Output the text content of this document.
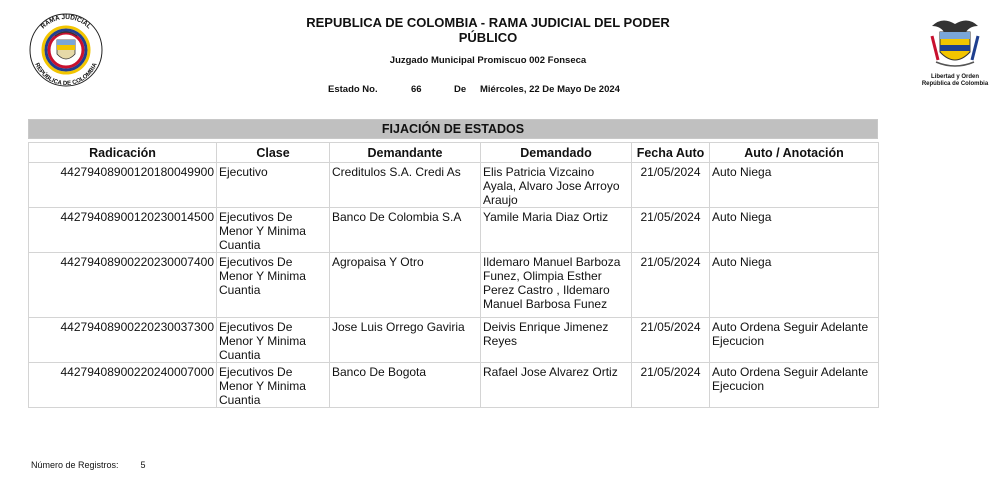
RAMA JUDICIAL
REPÚBLICA DE COLOMBIA
Libertad y Orden
República de Colombia
REPUBLICA DE COLOMBIA - RAMA JUDICIAL DEL PODER PÚBLICO
Juzgado Municipal Promiscuo 002 Fonseca
Estado No.	66	De Miércoles, 22 De Mayo De 2024
FIJACIÓN DE ESTADOS
Radicación	Clase	Demandante	Demandado	Fecha Auto	Auto / Anotación
44279408900120180049900	Ejecutivo	Creditulos S.A. Credi As	Elis Patricia Vizcaino Ayala, Alvaro Jose Arroyo Araujo	21/05/2024	Auto Niega
44279408900120230014500	Ejecutivos De Menor Y Minima Cuantia	Banco De Colombia S.A	Yamile Maria Diaz Ortiz	21/05/2024	Auto Niega
44279408900220230007400	Ejecutivos De Menor Y Minima Cuantia	Agropaisa Y Otro	Ildemaro Manuel Barboza Funez, Olimpia Esther Perez Castro , Ildemaro Manuel Barbosa Funez	21/05/2024	Auto Niega
44279408900220230037300	Ejecutivos De Menor Y Minima Cuantia	Jose Luis Orrego Gaviria	Deivis Enrique Jimenez Reyes	21/05/2024	Auto Ordena Seguir Adelante Ejecucion
44279408900220240007000	Ejecutivos De Menor Y Minima Cuantia	Banco De Bogota	Rafael Jose Alvarez Ortiz	21/05/2024	Auto Ordena Seguir Adelante Ejecucion
Número de Registros: 5
